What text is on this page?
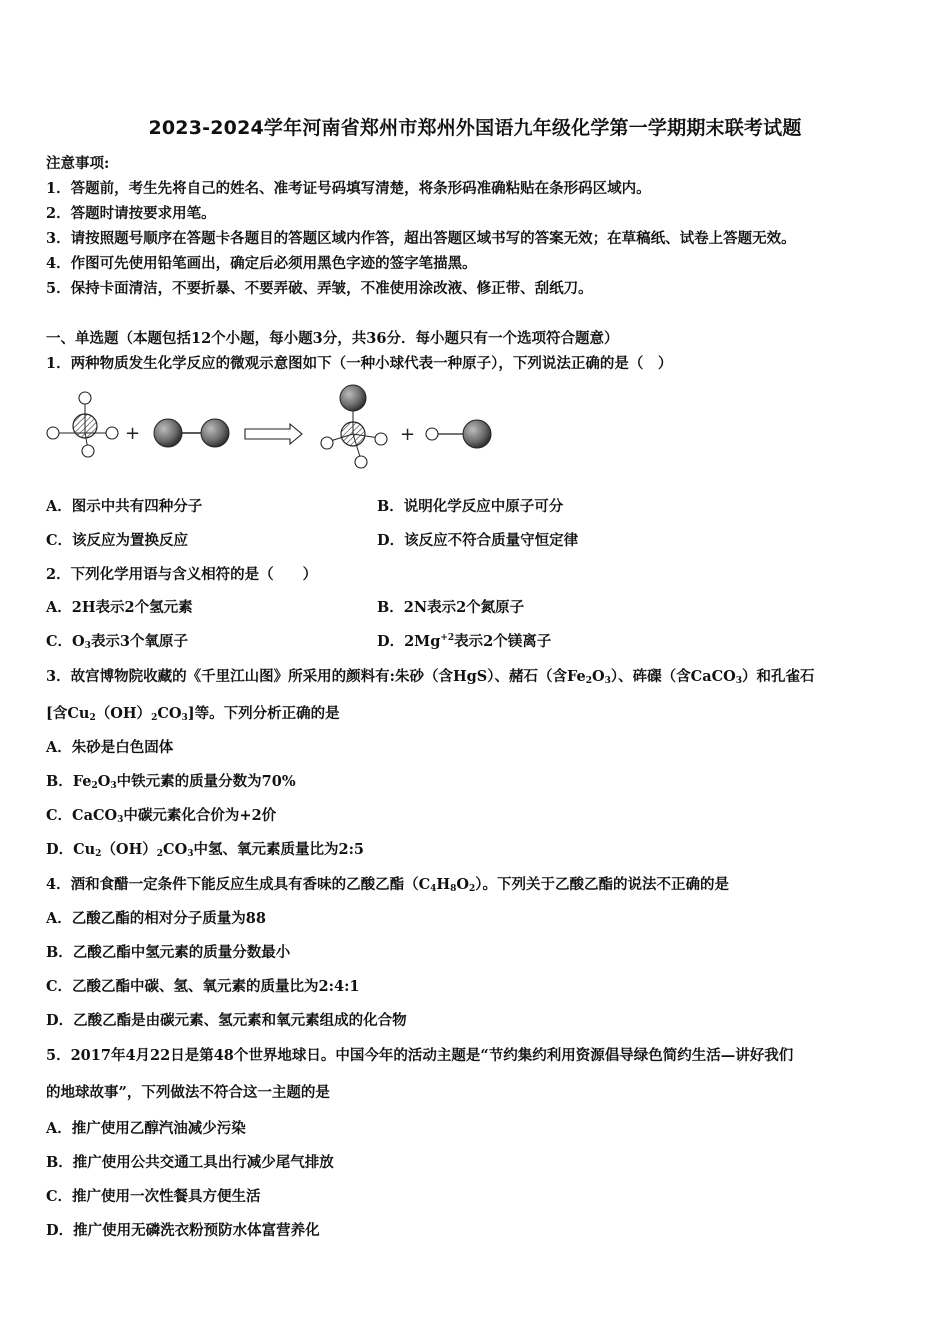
2023-2024学年河南省郑州市郑州外国语九年级化学第一学期期末联考试题
注意事项:
1．答题前，考生先将自己的姓名、准考证号码填写清楚，将条形码准确粘贴在条形码区域内。
2．答题时请按要求用笔。
3．请按照题号顺序在答题卡各题目的答题区域内作答，超出答题区域书写的答案无效；在草稿纸、试卷上答题无效。
4．作图可先使用铅笔画出，确定后必须用黑色字迹的签字笔描黑。
5．保持卡面清洁，不要折暴、不要弄破、弄皱，不准使用涂改液、修正带、刮纸刀。
一、单选题（本题包括12个小题，每小题3分，共36分．每小题只有一个选项符合题意）
1．两种物质发生化学反应的微观示意图如下（一种小球代表一种原子），下列说法正确的是（　）
+	+
A．图示中共有四种分子	B．说明化学反应中原子可分
C．该反应为置换反应	D．该反应不符合质量守恒定律
2．下列化学用语与含义相符的是（　　）
A．2H表示2个氢元素	B．2N表示2个氮原子
C．$O_3$表示3个氧原子	D．$2Mg^{+2}$表示2个镁离子
3．故宫博物院收藏的《千里江山图》所采用的颜料有:朱砂（含HgS）、赭石（含$Fe_2O_3$）、砗磲（含CaCO$_3$）和孔雀石
[含$Cu_2(OH)_2CO_3$]等。下列分析正确的是
A．朱砂是白色固体
B．$Fe_2O_3$中铁元素的质量分数为70%
C．CaCO$_3$中碳元素化合价为+2价
D．$Cu_2(OH)_2CO_3$中氢、氧元素质量比为2:5
4．酒和食醋一定条件下能反应生成具有香味的乙酸乙酯$(C_4H_8O_2)$。下列关于乙酸乙酯的说法不正确的是
A．乙酸乙酯的相对分子质量为88
B．乙酸乙酯中氢元素的质量分数最小
C．乙酸乙酯中碳、氢、氧元素的质量比为2:4:1
D．乙酸乙酯是由碳元素、氢元素和氧元素组成的化合物
5．2017年4月22日是第48个世界地球日。中国今年的活动主题是“节约集约利用资源倡导绿色简约生活—讲好我们
的地球故事”，下列做法不符合这一主题的是
A．推广使用乙醇汽油减少污染
B．推广使用公共交通工具出行减少尾气排放
C．推广使用一次性餐具方便生活
D．推广使用无磷洗衣粉预防水体富营养化
